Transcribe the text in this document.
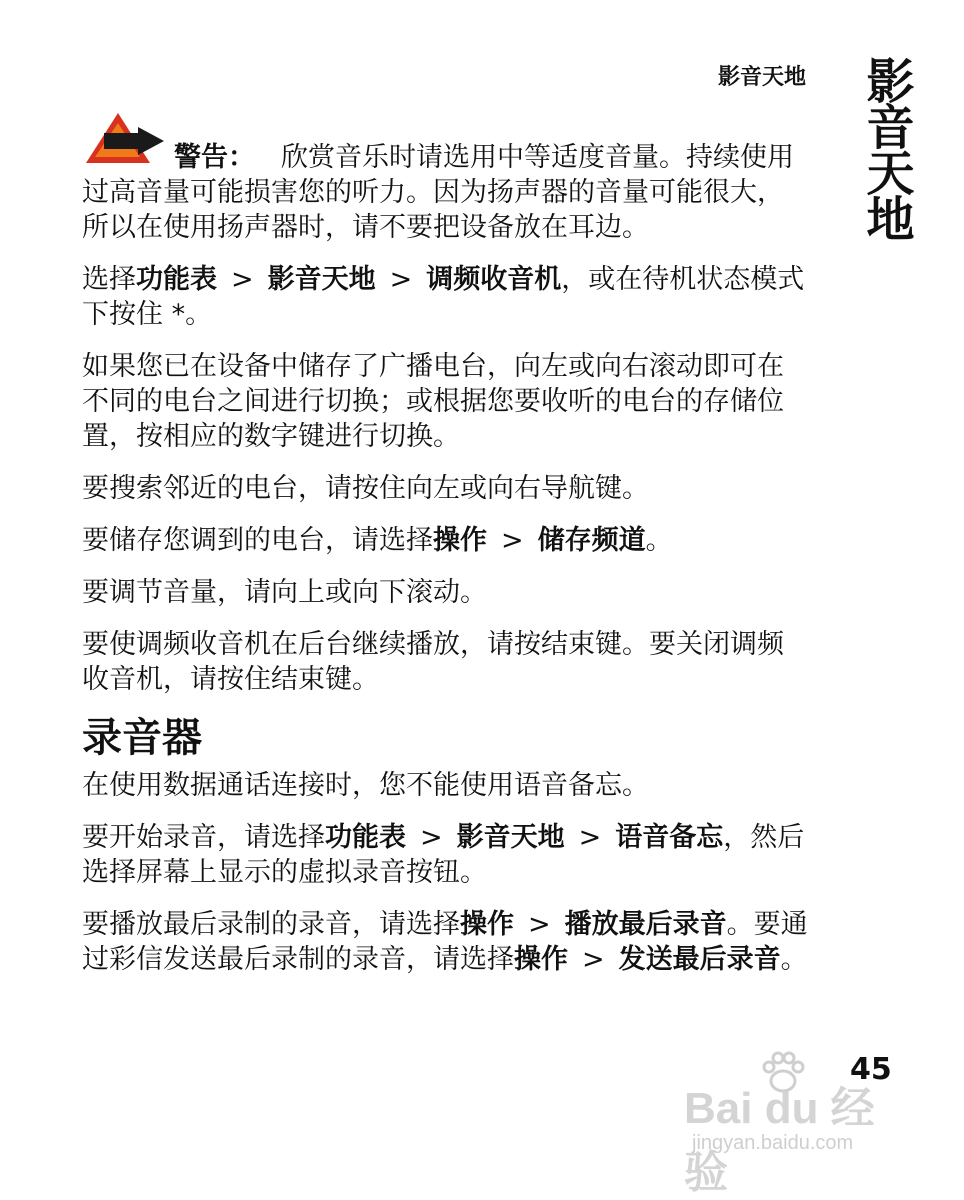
影音天地 影音天地

警告： 欣赏音乐时请选用中等适度音量。持续使用过高音量可能损害您的听力。因为扬声器的音量可能很大，所以在使用扬声器时，请不要把设备放在耳边。

选择功能表 > 影音天地 > 调频收音机，或在待机状态模式下按住 *。

如果您已在设备中储存了广播电台，向左或向右滚动即可在不同的电台之间进行切换；或根据您要收听的电台的存储位置，按相应的数字键进行切换。

要搜索邻近的电台，请按住向左或向右导航键。

要储存您调到的电台，请选择操作 > 储存频道。

要调节音量，请向上或向下滚动。

要使调频收音机在后台继续播放，请按结束键。要关闭调频收音机，请按住结束键。

录音器

在使用数据通话连接时，您不能使用语音备忘。

要开始录音，请选择功能表 > 影音天地 > 语音备忘，然后选择屏幕上显示的虚拟录音按钮。

要播放最后录制的录音，请选择操作 > 播放最后录音。要通过彩信发送最后录制的录音，请选择操作 > 发送最后录音。

45
Bai du 经验
jingyan.baidu.com
